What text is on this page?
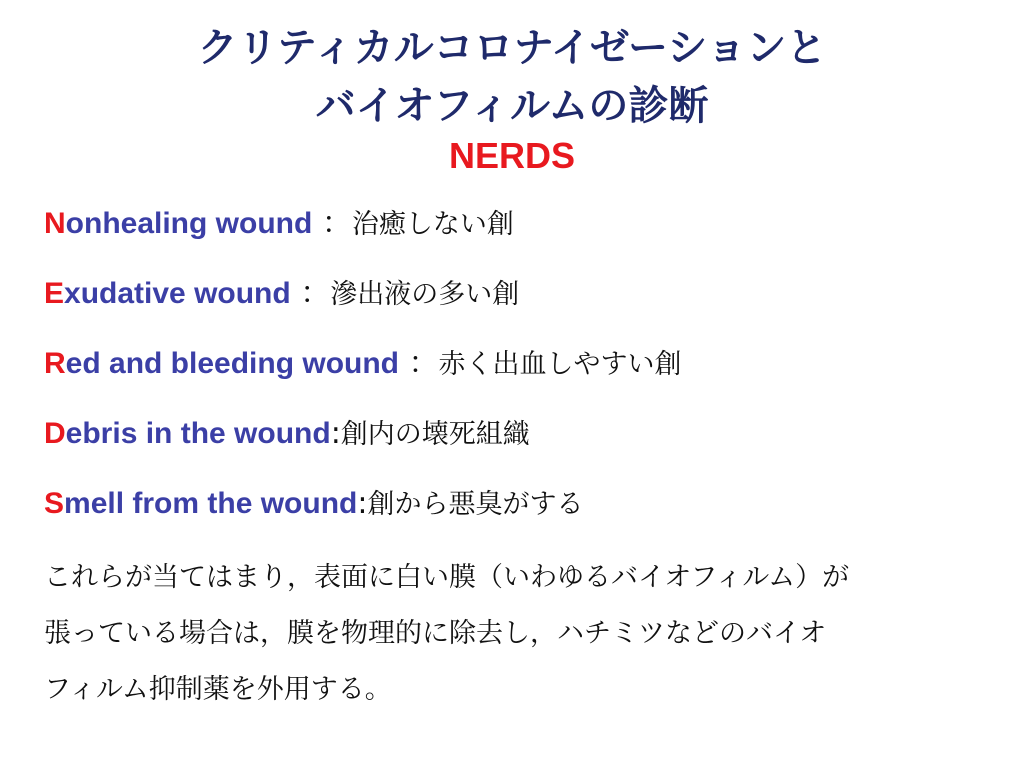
クリティカルコロナイゼーションと
バイオフィルムの診断
NERDS
Nonhealing wound ：治癒しない創
Exudative wound ：滲出液の多い創
Red and bleeding wound ：赤く出血しやすい創
Debris in the wound:創内の壊死組織
Smell from the wound:創から悪臭がする
これらが当てはまり，表面に白い膜（いわゆるバイオフィルム）が
張っている場合は，膜を物理的に除去し，ハチミツなどのバイオ
フィルム抑制薬を外用する。
